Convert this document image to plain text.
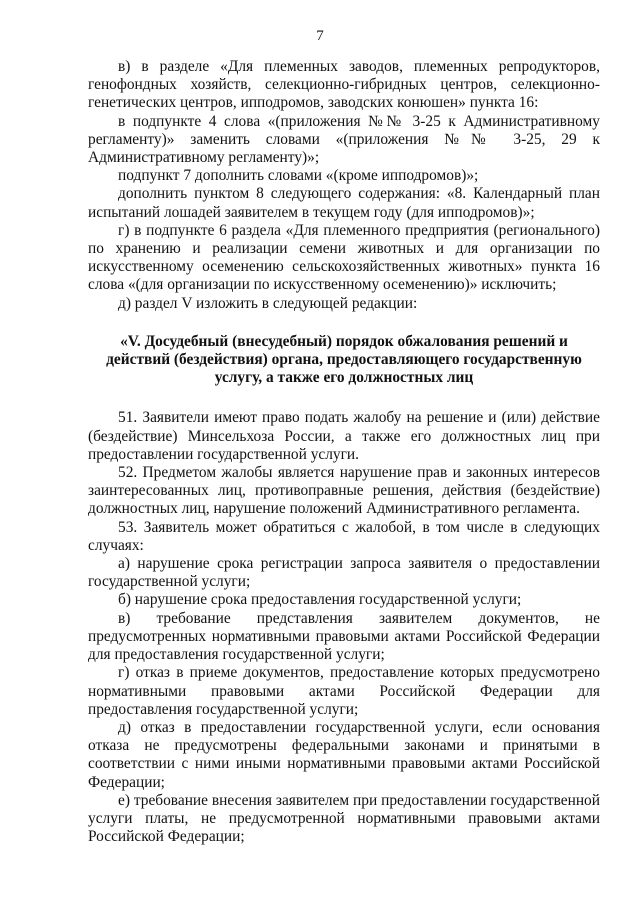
7

в) в разделе «Для племенных заводов, племенных репродукторов, генофондных хозяйств, селекционно-гибридных центров, селекционно-генетических центров, ипподромов, заводских конюшен» пункта 16:

в подпункте 4 слова «(приложения №№ 3-25 к Административному регламенту)» заменить словами «(приложения №№ 3-25, 29 к Административному регламенту)»;

подпункт 7 дополнить словами «(кроме ипподромов)»;

дополнить пунктом 8 следующего содержания: «8. Календарный план испытаний лошадей заявителем в текущем году (для ипподромов)»;

г) в подпункте 6 раздела «Для племенного предприятия (регионального) по хранению и реализации семени животных и для организации по искусственному осеменению сельскохозяйственных животных» пункта 16 слова «(для организации по искусственному осеменению)» исключить;

д) раздел V изложить в следующей редакции:

«V. Досудебный (внесудебный) порядок обжалования решений и действий (бездействия) органа, предоставляющего государственную услугу, а также его должностных лиц

51. Заявители имеют право подать жалобу на решение и (или) действие (бездействие) Минсельхоза России, а также его должностных лиц при предоставлении государственной услуги.

52. Предметом жалобы является нарушение прав и законных интересов заинтересованных лиц, противоправные решения, действия (бездействие) должностных лиц, нарушение положений Административного регламента.

53. Заявитель может обратиться с жалобой, в том числе в следующих случаях:

а) нарушение срока регистрации запроса заявителя о предоставлении государственной услуги;

б) нарушение срока предоставления государственной услуги;

в) требование представления заявителем документов, не предусмотренных нормативными правовыми актами Российской Федерации для предоставления государственной услуги;

г) отказ в приеме документов, предоставление которых предусмотрено нормативными правовыми актами Российской Федерации для предоставления государственной услуги;

д) отказ в предоставлении государственной услуги, если основания отказа не предусмотрены федеральными законами и принятыми в соответствии с ними иными нормативными правовыми актами Российской Федерации;

е) требование внесения заявителем при предоставлении государственной услуги платы, не предусмотренной нормативными правовыми актами Российской Федерации;
